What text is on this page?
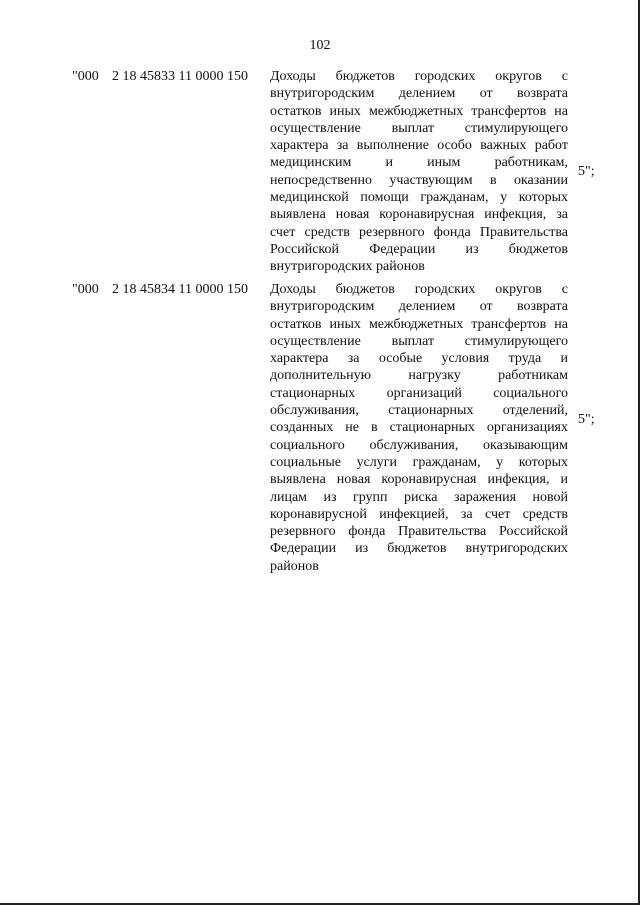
102
"000 2 18 45833 11 0000 150 Доходы бюджетов городских округов с
внутригородским делением от возврата
остатков иных межбюджетных трансфертов на
осуществление выплат стимулирующего
характера за выполнение особо важных работ
медицинским и иным работникам,
непосредственно участвующим в оказании
медицинской помощи гражданам, у которых
выявлена новая коронавирусная инфекция, за
счет средств резервного фонда Правительства
Российской Федерации из бюджетов
внутригородских районов
5";
"000 2 18 45834 11 0000 150 Доходы бюджетов городских округов с
внутригородским делением от возврата
остатков иных межбюджетных трансфертов на
осуществление выплат стимулирующего
характера за особые условия труда и
дополнительную нагрузку работникам
стационарных организаций социального
обслуживания, стационарных отделений,
созданных не в стационарных организациях
социального обслуживания, оказывающим
социальные услуги гражданам, у которых
выявлена новая коронавирусная инфекция, и
лицам из групп риска заражения новой
коронавирусной инфекцией, за счет средств
резервного фонда Правительства Российской
Федерации из бюджетов внутригородских
районов
5";
